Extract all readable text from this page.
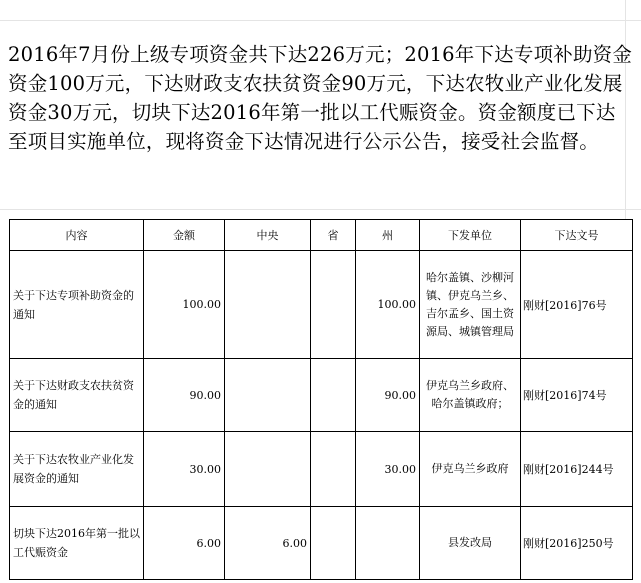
2016年7月份上级专项资金共下达226万元；2016年下达专项补助资金资金100万元，下达财政支农扶贫资金90万元，下达农牧业产业化发展资金30万元，切块下达2016年第一批以工代赈资金。资金额度已下达至项目实施单位，现将资金下达情况进行公示公告，接受社会监督。
内容	金额	中央	省	州	下发单位	下达文号
关于下达专项补助资金的通知	100.00			100.00	哈尔盖镇、沙柳河镇、伊克乌兰乡、吉尔孟乡、国土资源局、城镇管理局	刚财[2016]76号
关于下达财政支农扶贫资金的通知	90.00			90.00	伊克乌兰乡政府、哈尔盖镇政府；	刚财[2016]74号
关于下达农牧业产业化发展资金的通知	30.00			30.00	伊克乌兰乡政府	刚财[2016]244号
切块下达2016年第一批以工代赈资金	6.00	6.00			县发改局	刚财[2016]250号
